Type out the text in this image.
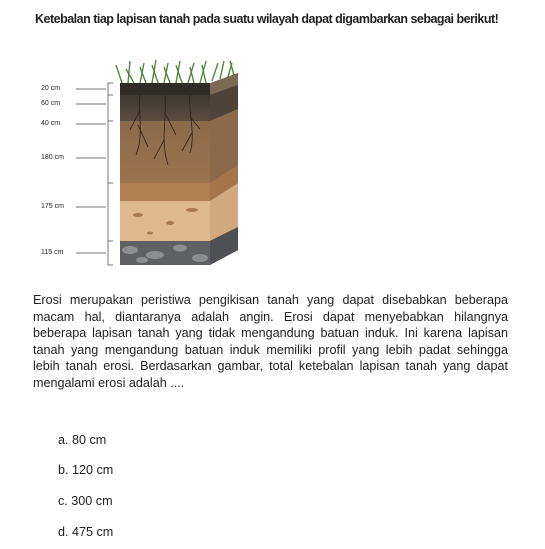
Ketebalan tiap lapisan tanah pada suatu wilayah dapat digambarkan sebagai berikut!
20 cm
60 cm
40 cm
180 cm
175 cm
115 cm
Erosi merupakan peristiwa pengikisan tanah yang dapat disebabkan beberapa macam hal, diantaranya adalah angin. Erosi dapat menyebabkan hilangnya beberapa lapisan tanah yang tidak mengandung batuan induk. Ini karena lapisan tanah yang mengandung batuan induk memiliki profil yang lebih padat sehingga lebih tanah erosi. Berdasarkan gambar, total ketebalan lapisan tanah yang dapat mengalami erosi adalah ....
a. 80 cm
b. 120 cm
c. 300 cm
d. 475 cm
